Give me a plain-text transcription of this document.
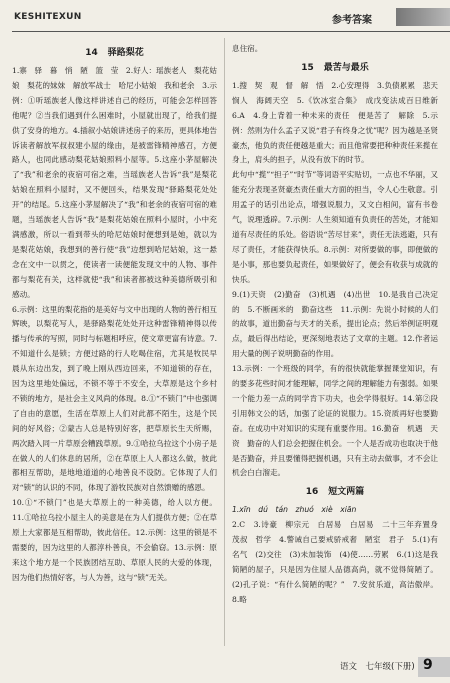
KESHITEXUN	参考答案

14 驿路梨花

1.寨　驿　暮　悄　陋　篮　莹　2.好人：瑶族老人　梨花姑娘　梨花的妹妹　解放军战士　哈尼小姑娘　我和老余　3.示例：①听瑶族老人像这样讲述自己的经历，可能会怎样回答他呢？②当我们遇到什么困难时，小屋就出现了，给我们提供了安身的地方。4.插叙小姑娘讲述房子的来历，更具体地告诉读者解放军叔叔建小屋的缘由，是被雷锋精神感召，方便路人，也同此感动梨花姑娘照料小屋等。5.这座小茅屋解决了“我”和老余的夜宿可宿之难，当瑶族老人告诉“我”是梨花姑娘在照料小屋时，又不便回头，结果发现“驿路梨花处处开”的结尾。5.这座小茅屋解决了“我”和老余的夜宿可宿的难题，当瑶族老人告诉“我”是梨花姑娘在照料小屋时，小中充满感激，所以一看到带头的哈尼姑娘时便想到是她，就以为是梨花姑娘，我想到的善行使“我”边想到哈尼姑娘，这一悬念在文中一以贯之，使读者一读便能发现文中的人物、事件都与梨花有关，这样就使“我”和读者都被这种美德所吸引和感动。

6.示例：这里的梨花指的是美好与文中出现的人物的善行相互辉映，以梨花写人，是驿路梨花处处开这种雷锋精神得以传播与传承的写照，同时与标题相呼应，使文章更富有诗意。7.不知道什么是锁；方便过路的行人吃喝住宿，尤其是牧民早晨从东边出发，到了晚上刚从西边回来，不知道锁的存在，因为这里地处偏远，不锁不等于不安全，大草原是这个乡村不锁的地方，是社会主义风尚的体现。8.①“不锁门”中也强调了自由的意愿，生活在草原上人们对此都不陌生，这是个民间的好风俗；②蒙古人总是特别好客，把草原长生天所赐，两次踏入同一片草原会糟践草原。9.①哈拉乌拉这个小房子是在做人的人们休息的居所，②在草原上人人都这么做，彼此都相互帮助，是地地道道的心地善良不设防。它体现了人们对“锁”的认识的不同，体现了游牧民族对自然馈赠的感恩。

10.①“不锁门”也是大草原上的一种美德，给人以方便。11.①哈拉乌拉小屋主人的美意是在为人们提供方便；②在草原上大家都是互相帮助，彼此信任。12.示例：这里的锁是不需要的，因为这里的人都淳朴善良，不会偷窃。13.示例：原来这个地方是一个民族团结互助、草原人民的大爱的体现，因为他们热情好客，与人为善，这与“锁”无关。

息住宿。

15 最苦与最乐

1.搜　契　观　督　解　悟　2.心安理得　3.负债累累　悲天悯人　海阔天空　5.《饮冰室合集》　成戊变法成百日维新　6.A　4.身上背着一种未来的责任　便是苦了　解除　5.示例：然则为什么孟子又说“君子有终身之忧”呢？因为越是圣贤豪杰，他负的责任便越是重大；而且他常要把种种责任来揽在身上，肩头的担子，从没有放下的时节。

此句中“揽”“担子”“时节”等词语平实贴切，一点也不华丽，又能充分表现圣贤豪杰责任重大方面的担当，令人心生敬意。引用孟子的话引出论点，增强说服力，又文白相间，富有书卷气，说理透辟。7.示例：人生须知道有负责任的苦处，才能知道有尽责任的乐处。俗语说“苦尽甘来”，责任无法逃避，只有尽了责任，才能获得快乐。8.示例：对所要做的事，即便做的是小事，那也要负起责任，如果做好了，便会有收获与成就的快乐。

9.(1)天资　(2)勤奋　(3)机遇　(4)出世　10.是我自己决定的　5.不断画米的　勤奋这些　11.示例：先说小时候的人们的故事，道出勤奋与天才的关系，提出论点；然后举例证明观点，最后得出结论，更深刻地表达了文章的主题。12.作者运用大量的例子说明勤奋的作用。

13.示例：一个班级的同学，有的很快就能掌握课堂知识，有的要多花些时间才能理解，同学之间的理解能力有强弱。如果一个能力差一点的同学肯下功夫，也会学得很好。14.第②段引用韩文公的话，加强了论证的说服力。15.资质再好也要勤奋。在成功中对知识的实现有重要作用。16.勤奋　机遇　天资　勤奋的人们总会把握住机会。一个人是否成功也取决于他是否勤奋，并且要懂得把握机遇，只有主动去做事，才不会让机会白白溜走。

16 短文两篇

1.xīn　dú　tán　zhuó　xiè　xiān

2.C　3.诗豪　柳宗元　白居易　白居易　二十三年弃置身　茂叔　哲学　4.警诫自己要戒骄戒奢　陋室　君子　5.(1)有名气　(2)交往　(3)未加装饰　(4)使……劳累　6.(1)这是我简陋的屋子，只是因为住屋人品德高尚，就不觉得简陋了。(2)孔子说：“有什么简陋的呢？”　7.安贫乐道，高洁傲岸。8.略

语文　七年级(下册) 9
